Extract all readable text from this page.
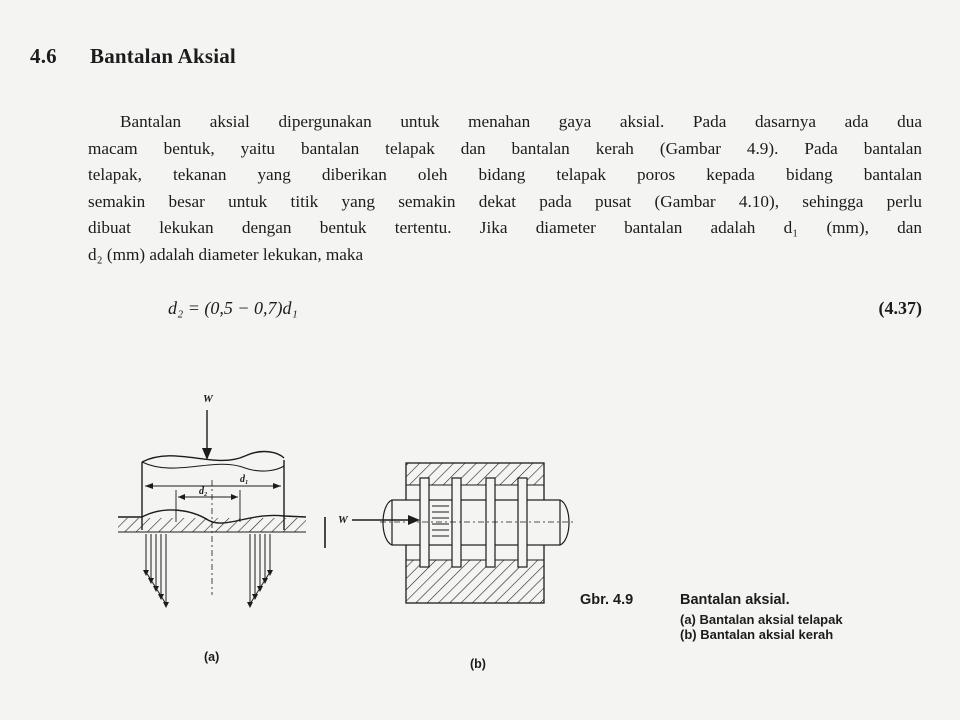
4.6 Bantalan Aksial

Bantalan aksial dipergunakan untuk menahan gaya aksial. Pada dasarnya ada dua
macam bentuk, yaitu bantalan telapak dan bantalan kerah (Gambar 4.9). Pada bantalan
telapak, tekanan yang diberikan oleh bidang telapak poros kepada bidang bantalan
semakin besar untuk titik yang semakin dekat pada pusat (Gambar 4.10), sehingga perlu
dibuat lekukan dengan bentuk tertentu. Jika diameter bantalan adalah d₁ (mm), dan
d₂ (mm) adalah diameter lekukan, maka

d₂ = (0,5 − 0,7)d₁	(4.37)
W
d₁
d₂
W
(a)	(b)
Gbr. 4.9	Bantalan aksial.
(a) Bantalan aksial telapak
(b) Bantalan aksial kerah
